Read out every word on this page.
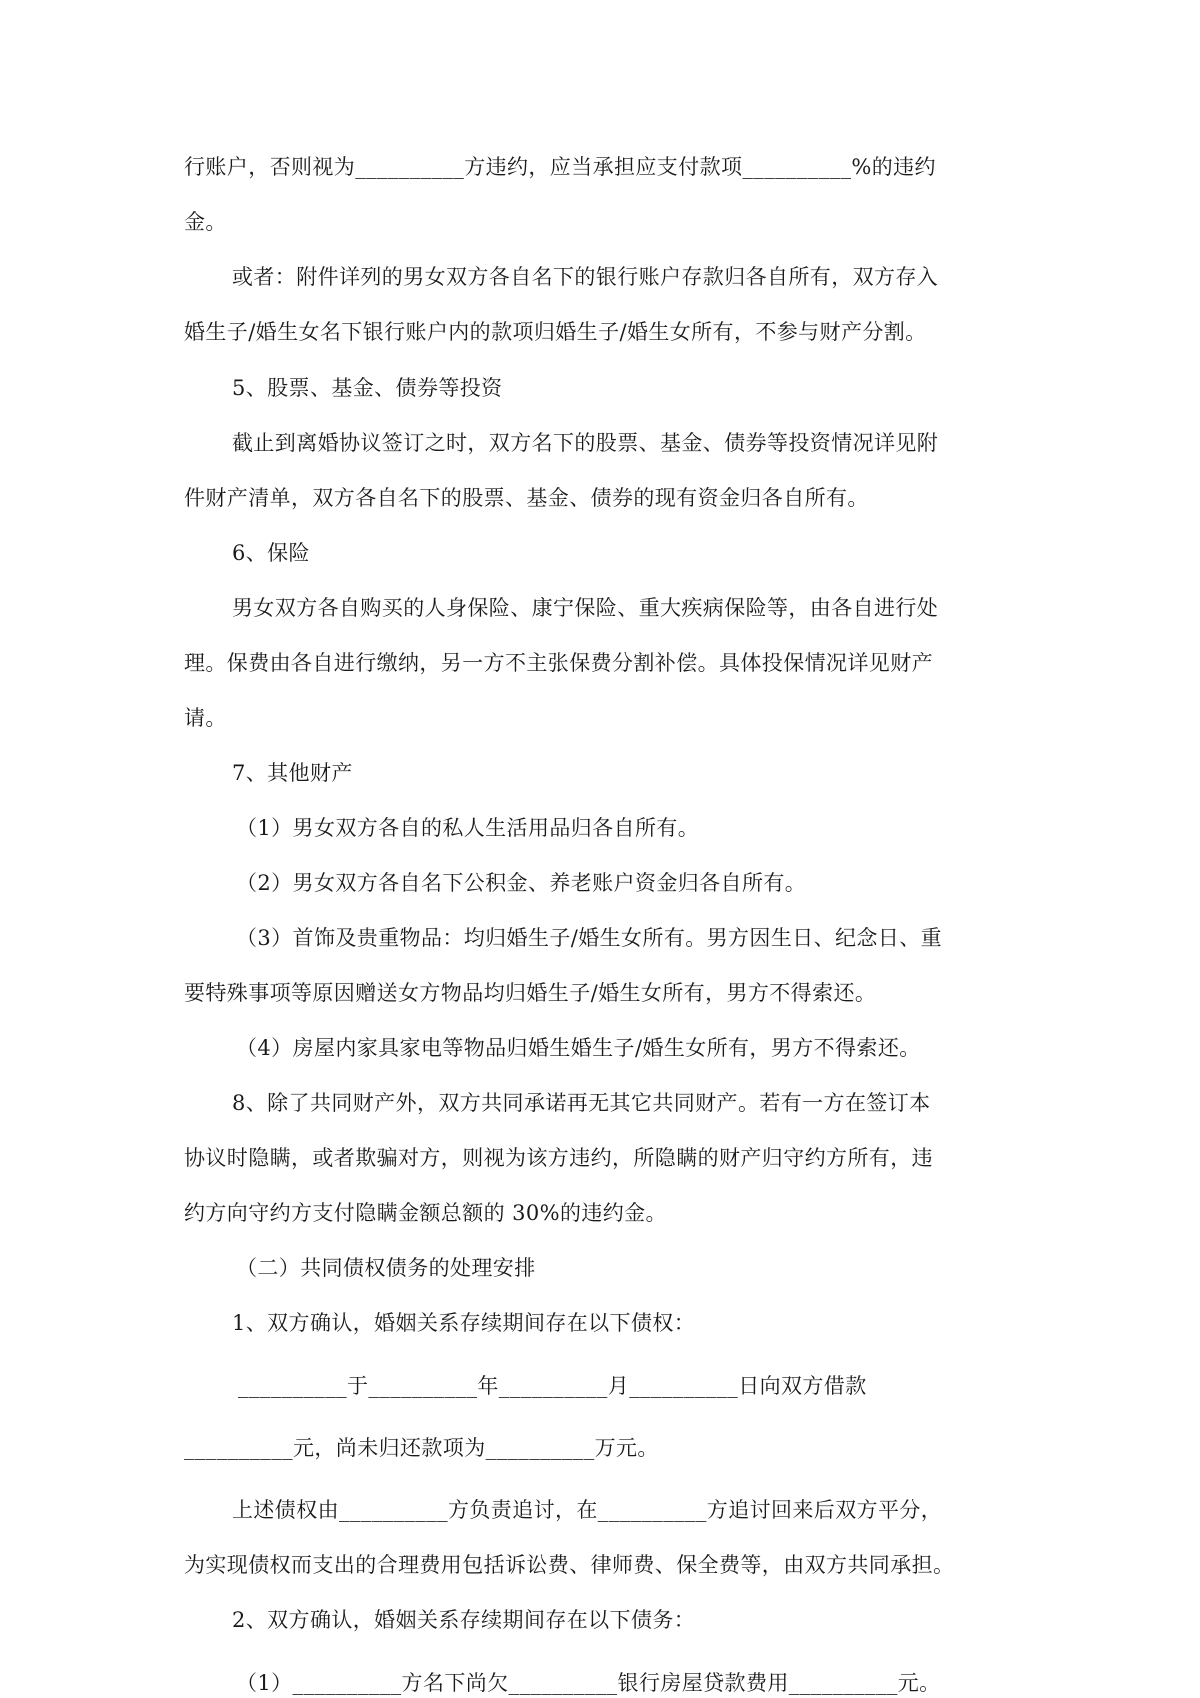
行账户，否则视为__________方违约，应当承担应支付款项__________%的违约
金。
或者：附件详列的男女双方各自名下的银行账户存款归各自所有，双方存入
婚生子/婚生女名下银行账户内的款项归婚生子/婚生女所有，不参与财产分割。
5、股票、基金、债券等投资
截止到离婚协议签订之时，双方名下的股票、基金、债券等投资情况详见附
件财产清单，双方各自名下的股票、基金、债券的现有资金归各自所有。
6、保险
男女双方各自购买的人身保险、康宁保险、重大疾病保险等，由各自进行处
理。保费由各自进行缴纳，另一方不主张保费分割补偿。具体投保情况详见财产
请。
7、其他财产
（1）男女双方各自的私人生活用品归各自所有。
（2）男女双方各自名下公积金、养老账户资金归各自所有。
（3）首饰及贵重物品：均归婚生子/婚生女所有。男方因生日、纪念日、重
要特殊事项等原因赠送女方物品均归婚生子/婚生女所有，男方不得索还。
（4）房屋内家具家电等物品归婚生婚生子/婚生女所有，男方不得索还。
8、除了共同财产外，双方共同承诺再无其它共同财产。若有一方在签订本
协议时隐瞒，或者欺骗对方，则视为该方违约，所隐瞒的财产归守约方所有，违
约方向守约方支付隐瞒金额总额的 30%的违约金。
（二）共同债权债务的处理安排
1、双方确认，婚姻关系存续期间存在以下债权：
__________于__________年__________月__________日向双方借款
__________元，尚未归还款项为__________万元。
上述债权由__________方负责追讨，在__________方追讨回来后双方平分，
为实现债权而支出的合理费用包括诉讼费、律师费、保全费等，由双方共同承担。
2、双方确认，婚姻关系存续期间存在以下债务：
（1）__________方名下尚欠__________银行房屋贷款费用__________元。
